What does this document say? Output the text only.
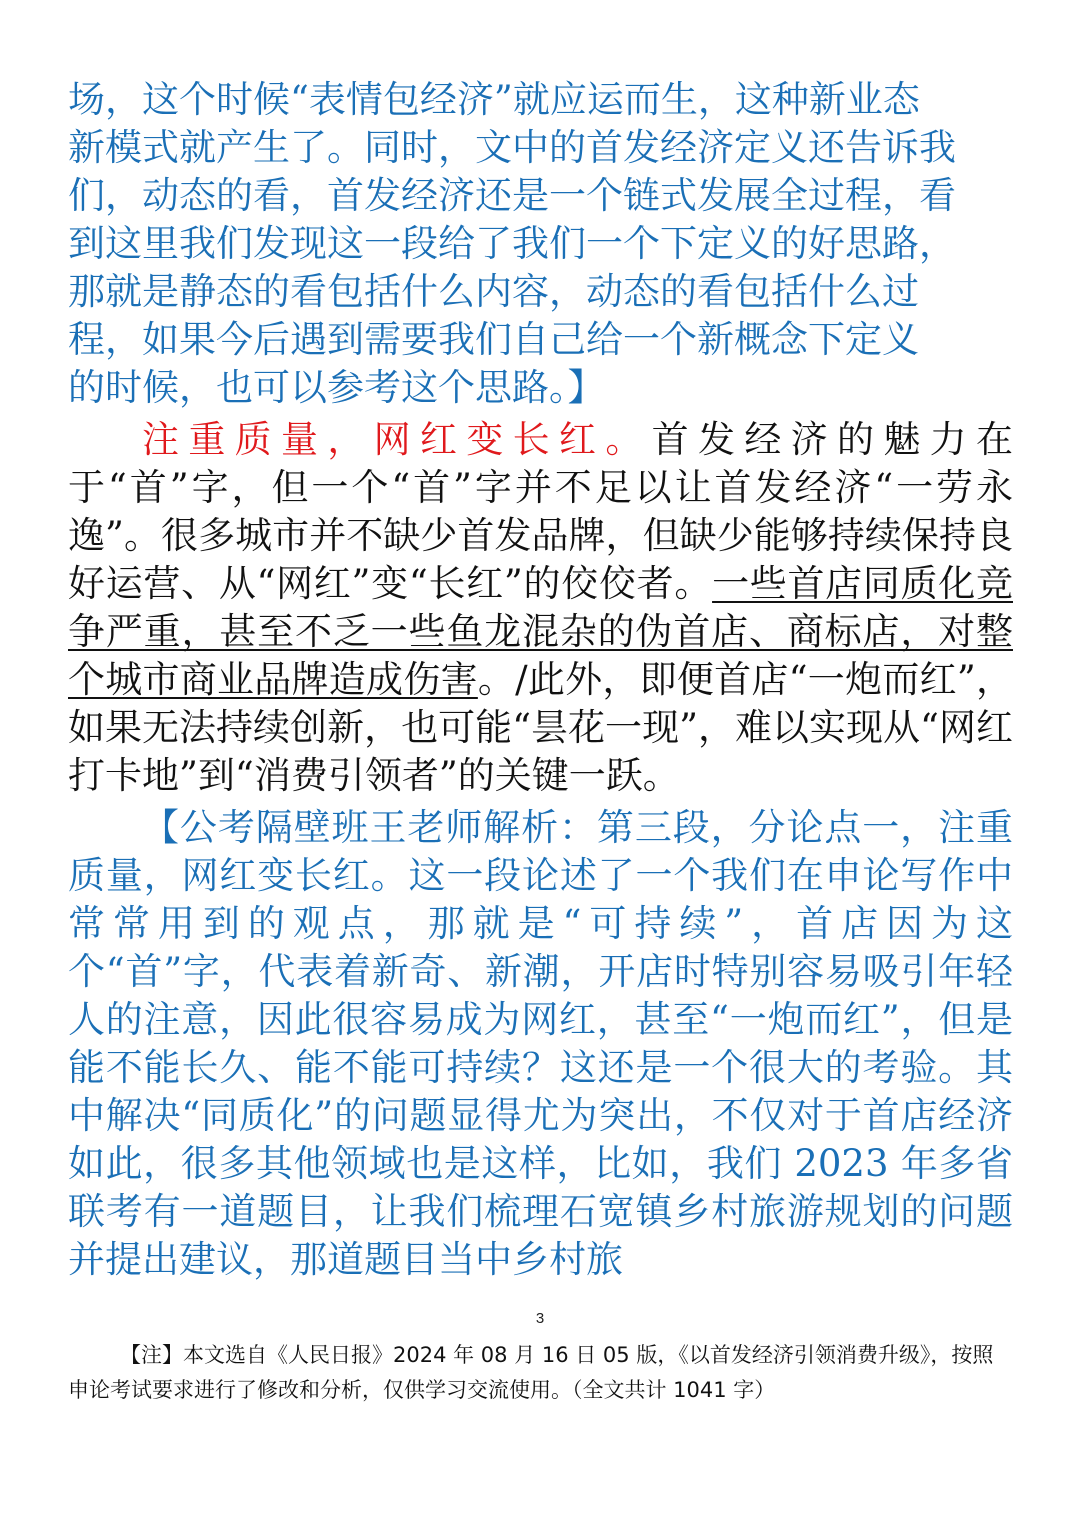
场，这个时候“表情包经济”就应运而生，这种新业态
新模式就产生了。同时，文中的首发经济定义还告诉我
们，动态的看，首发经济还是一个链式发展全过程，看
到这里我们发现这一段给了我们一个下定义的好思路，
那就是静态的看包括什么内容，动态的看包括什么过
程，如果今后遇到需要我们自己给一个新概念下定义
的时候，也可以参考这个思路。】

注重质量，网红变长红。首发经济的魅力在于“首”字，但一个“首”字并不足以让首发经济“一劳永逸”。很多城市并不缺少首发品牌，但缺少能够持续保持良好运营、从“网红”变“长红”的佼佼者。一些首店同质化竞争严重，甚至不乏一些鱼龙混杂的伪首店、商标店，对整个城市商业品牌造成伤害。/此外，即便首店“一炮而红”，如果无法持续创新，也可能“昙花一现”，难以实现从“网红打卡地”到“消费引领者”的关键一跃。

【公考隔壁班王老师解析：第三段，分论点一，注重质量，网红变长红。这一段论述了一个我们在申论写作中常常用到的观点，那就是“可持续”，首店因为这个“首”字，代表着新奇、新潮，开店时特别容易吸引年轻人的注意，因此很容易成为网红，甚至“一炮而红”，但是能不能长久、能不能可持续？这还是一个很大的考验。其中解决“同质化”的问题显得尤为突出，不仅对于首店经济如此，很多其他领域也是这样，比如，我们 2023 年多省联考有一道题目，让我们梳理石宽镇乡村旅游规划的问题并提出建议，那道题目当中乡村旅

3
【注】本文选自《人民日报》2024 年 08 月 16 日 05 版，《以首发经济引领消费升级》，按照申论考试要求进行了修改和分析，仅供学习交流使用。（全文共计 1041 字）
